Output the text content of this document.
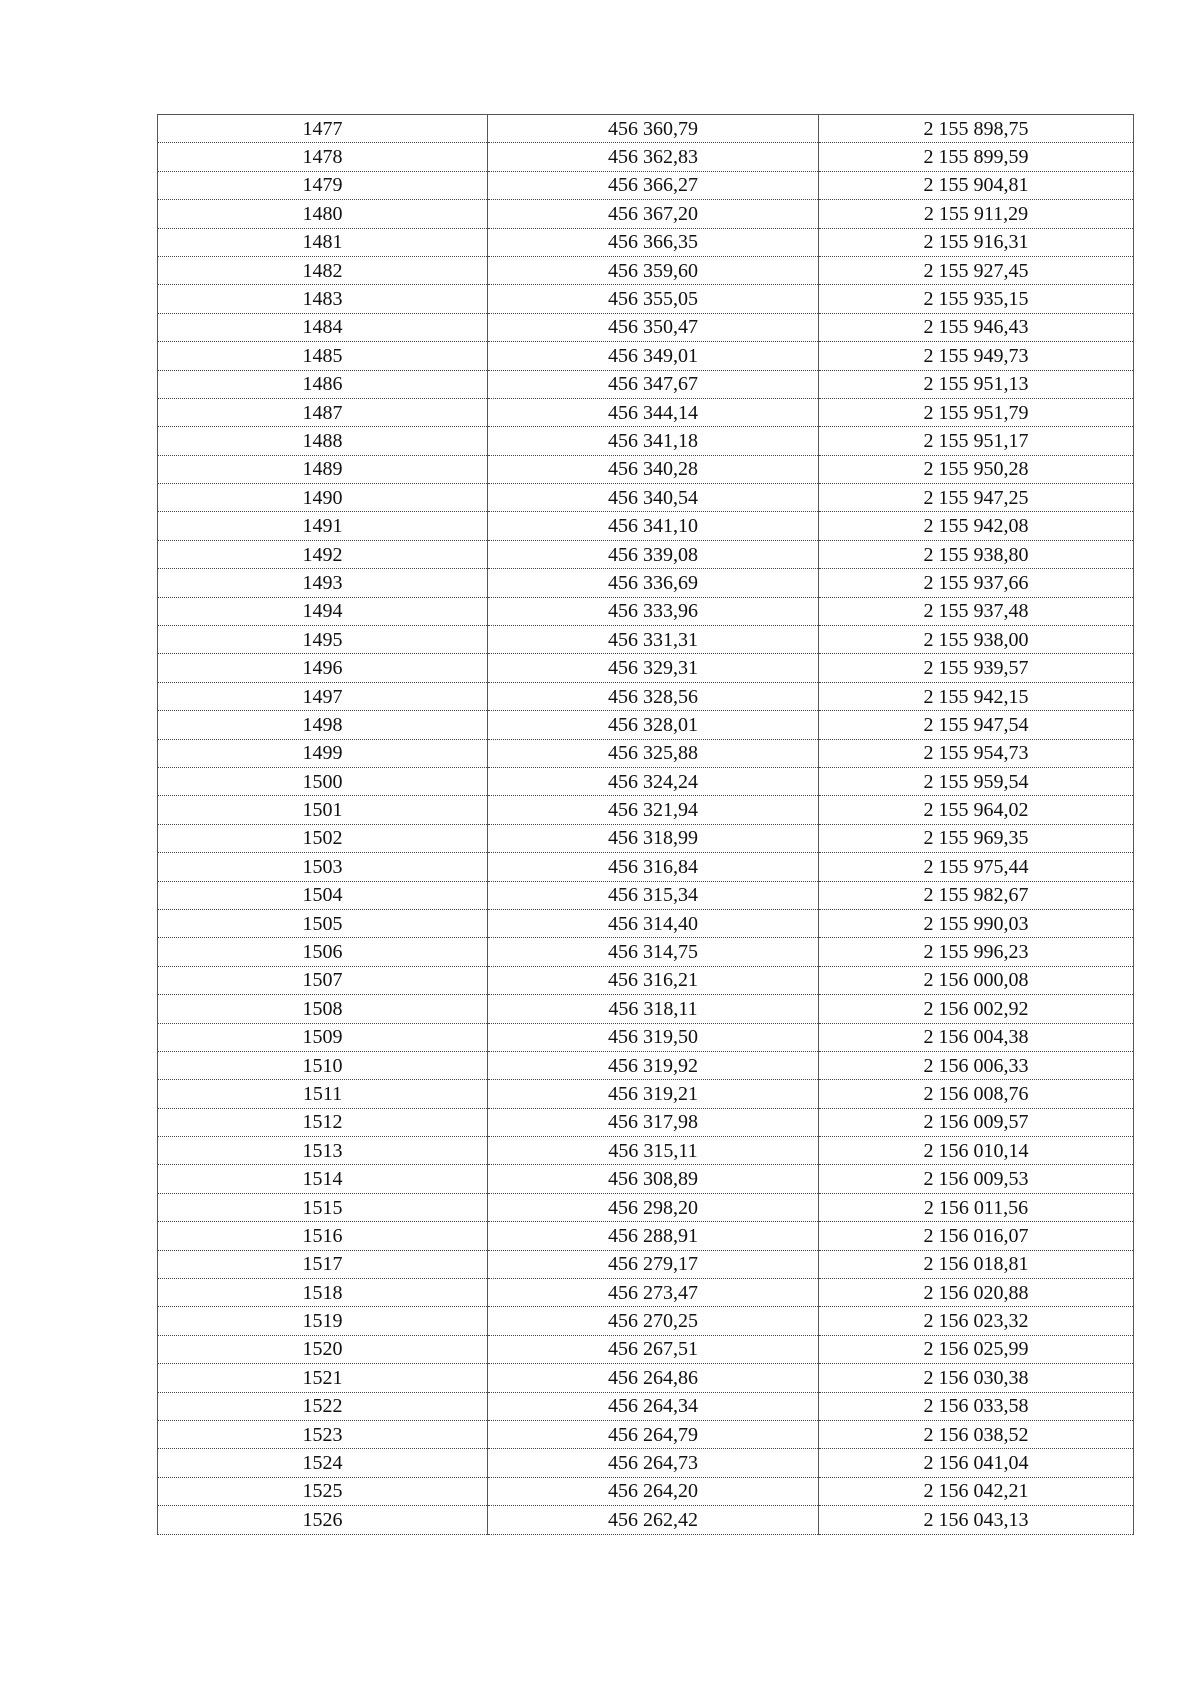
1477	456 360,79	2 155 898,75
1478	456 362,83	2 155 899,59
1479	456 366,27	2 155 904,81
1480	456 367,20	2 155 911,29
1481	456 366,35	2 155 916,31
1482	456 359,60	2 155 927,45
1483	456 355,05	2 155 935,15
1484	456 350,47	2 155 946,43
1485	456 349,01	2 155 949,73
1486	456 347,67	2 155 951,13
1487	456 344,14	2 155 951,79
1488	456 341,18	2 155 951,17
1489	456 340,28	2 155 950,28
1490	456 340,54	2 155 947,25
1491	456 341,10	2 155 942,08
1492	456 339,08	2 155 938,80
1493	456 336,69	2 155 937,66
1494	456 333,96	2 155 937,48
1495	456 331,31	2 155 938,00
1496	456 329,31	2 155 939,57
1497	456 328,56	2 155 942,15
1498	456 328,01	2 155 947,54
1499	456 325,88	2 155 954,73
1500	456 324,24	2 155 959,54
1501	456 321,94	2 155 964,02
1502	456 318,99	2 155 969,35
1503	456 316,84	2 155 975,44
1504	456 315,34	2 155 982,67
1505	456 314,40	2 155 990,03
1506	456 314,75	2 155 996,23
1507	456 316,21	2 156 000,08
1508	456 318,11	2 156 002,92
1509	456 319,50	2 156 004,38
1510	456 319,92	2 156 006,33
1511	456 319,21	2 156 008,76
1512	456 317,98	2 156 009,57
1513	456 315,11	2 156 010,14
1514	456 308,89	2 156 009,53
1515	456 298,20	2 156 011,56
1516	456 288,91	2 156 016,07
1517	456 279,17	2 156 018,81
1518	456 273,47	2 156 020,88
1519	456 270,25	2 156 023,32
1520	456 267,51	2 156 025,99
1521	456 264,86	2 156 030,38
1522	456 264,34	2 156 033,58
1523	456 264,79	2 156 038,52
1524	456 264,73	2 156 041,04
1525	456 264,20	2 156 042,21
1526	456 262,42	2 156 043,13
